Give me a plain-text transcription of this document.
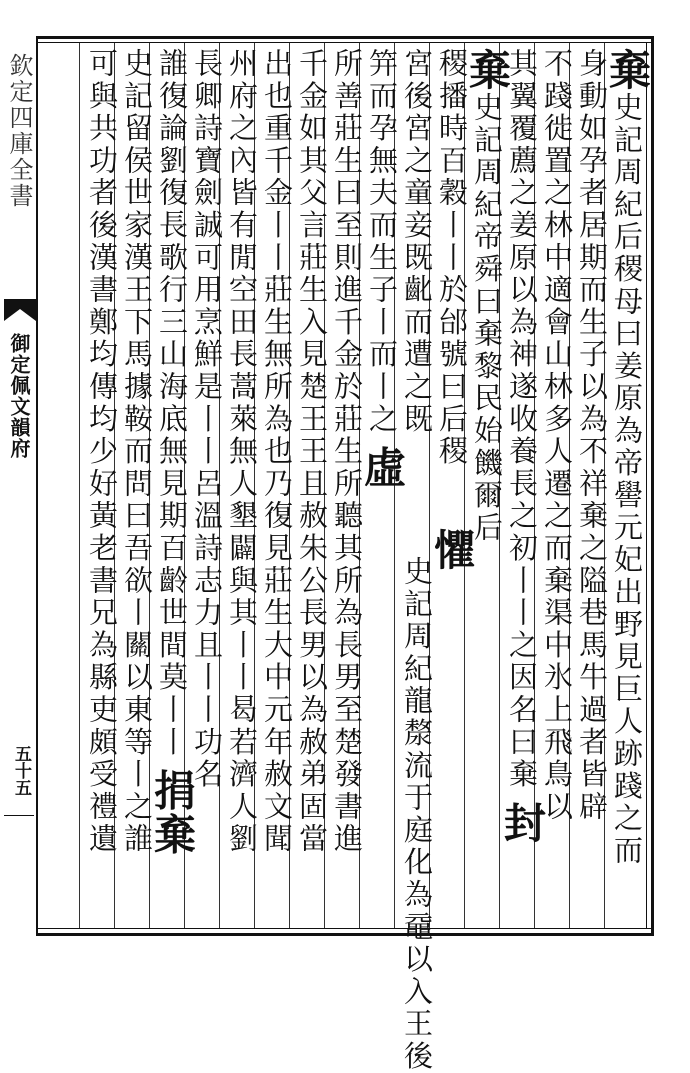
欽定四庫全書
御定佩文韻府
五十五
棄史記周紀后稷母曰姜原為帝嚳元妃出野見巨人跡踐之而
身動如孕者居期而生子以為不祥棄之隘巷馬牛過者皆辟
不踐徙置之林中適會山林多人遷之而棄渠中氷上飛鳥以
其翼覆薦之姜原以為神遂收養長之初丨丨之因名曰棄封
棄史記周紀帝舜曰棄黎民始饑爾后
稷播時百穀丨丨於邰號曰后稷懼
史記周紀龍漦流于庭化為黿以入王後
宮後宮之童妾既齔而遭之既
笄而孕無夫而生子丨而丨之虛
所善莊生曰至則進千金於莊生所聽其所為長男至楚發書進
千金如其父言莊生入見楚王王且赦朱公長男以為赦弟固當
出也重千金丨丨莊生無所為也乃復見莊生大中元年赦文聞
州府之內皆有閒空田長蒿萊無人墾闢與其丨丨曷若濟人劉
長卿詩寶劍誠可用烹鮮是丨丨呂溫詩志力且丨丨功名
誰復論劉復長歌行三山海底無見期百齡世間莫丨丨捐棄
史記留侯世家漢王下馬據鞍而問曰吾欲丨關以東等丨之誰
可與共功者後漢書鄭均傳均少好黃老書兄為縣吏頗受禮遺
